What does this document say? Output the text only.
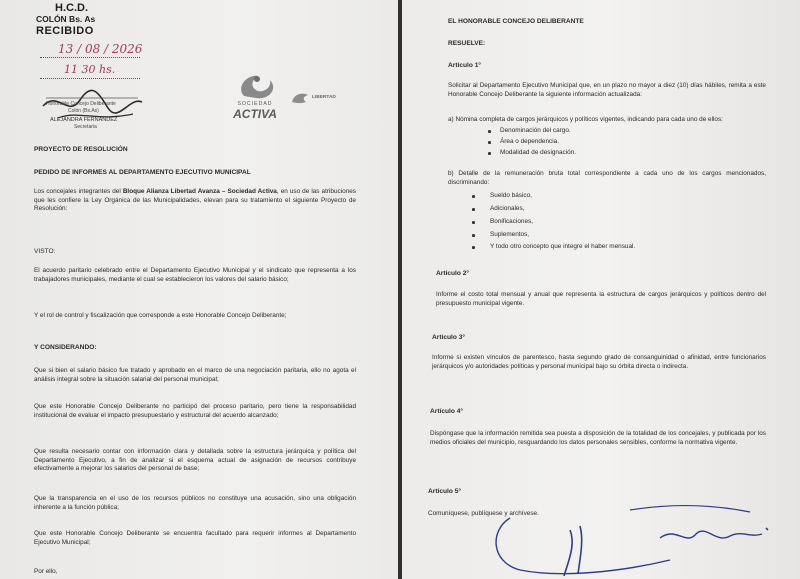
H.C.D.
COLÓN Bs. As
RECIBIDO
13 / 08 / 2026
11 30 hs.
Honorable Concejo Deliberante
Colón (Bs.As)
ALEJANDRA FERNÁNDEZ
Secretaria
SOCIEDAD
ACTIVA
LIBERTAD
PROYECTO DE RESOLUCIÓN
PEDIDO DE INFORMES AL DEPARTAMENTO EJECUTIVO MUNICIPAL
Los concejales integrantes del Bloque Alianza Libertad Avanza – Sociedad Activa, en uso de las atribuciones que les confiere la Ley Orgánica de las Municipalidades, elevan para su tratamiento el siguiente Proyecto de Resolución:
VISTO:
El acuerdo paritario celebrado entre el Departamento Ejecutivo Municipal y el sindicato que representa a los trabajadores municipales, mediante el cual se establecieron los valores del salario básico;
Y el rol de control y fiscalización que corresponde a este Honorable Concejo Deliberante;
Y CONSIDERANDO:
Que si bien el salario básico fue tratado y aprobado en el marco de una negociación paritaria, ello no agota el análisis integral sobre la situación salarial del personal municipal;
Que este Honorable Concejo Deliberante no participó del proceso paritario, pero tiene la responsabilidad institucional de evaluar el impacto presupuestario y estructural del acuerdo alcanzado;
Que resulta necesario contar con información clara y detallada sobre la estructura jerárquica y política del Departamento Ejecutivo, a fin de analizar si el esquema actual de asignación de recursos contribuye efectivamente a mejorar los salarios del personal de base;
Que la transparencia en el uso de los recursos públicos no constituye una acusación, sino una obligación inherente a la función pública;
Que este Honorable Concejo Deliberante se encuentra facultado para requerir informes al Departamento Ejecutivo Municipal;
Por ello,
EL HONORABLE CONCEJO DELIBERANTE
RESUELVE:
Artículo 1°
Solicitar al Departamento Ejecutivo Municipal que, en un plazo no mayor a diez (10) días hábiles, remita a este Honorable Concejo Deliberante la siguiente información actualizada:
a) Nómina completa de cargos jerárquicos y políticos vigentes, indicando para cada uno de ellos:
Denominación del cargo.
Área o dependencia.
Modalidad de designación.
b) Detalle de la remuneración bruta total correspondiente a cada uno de los cargos mencionados, discriminando:
Sueldo básico,
Adicionales,
Bonificaciones,
Suplementos,
Y todo otro concepto que integre el haber mensual.
Artículo 2°
Informe el costo total mensual y anual que representa la estructura de cargos jerárquicos y políticos dentro del presupuesto municipal vigente.
Artículo 3°
Informe si existen vínculos de parentesco, hasta segundo grado de consanguinidad o afinidad, entre funcionarios jerárquicos y/o autoridades políticas y personal municipal bajo su órbita directa o indirecta.
Artículo 4°
Dispóngase que la información remitida sea puesta a disposición de la totalidad de los concejales, y publicada por los medios oficiales del municipio, resguardando los datos personales sensibles, conforme la normativa vigente.
Artículo 5°
Comuníquese, publíquese y archívese.
